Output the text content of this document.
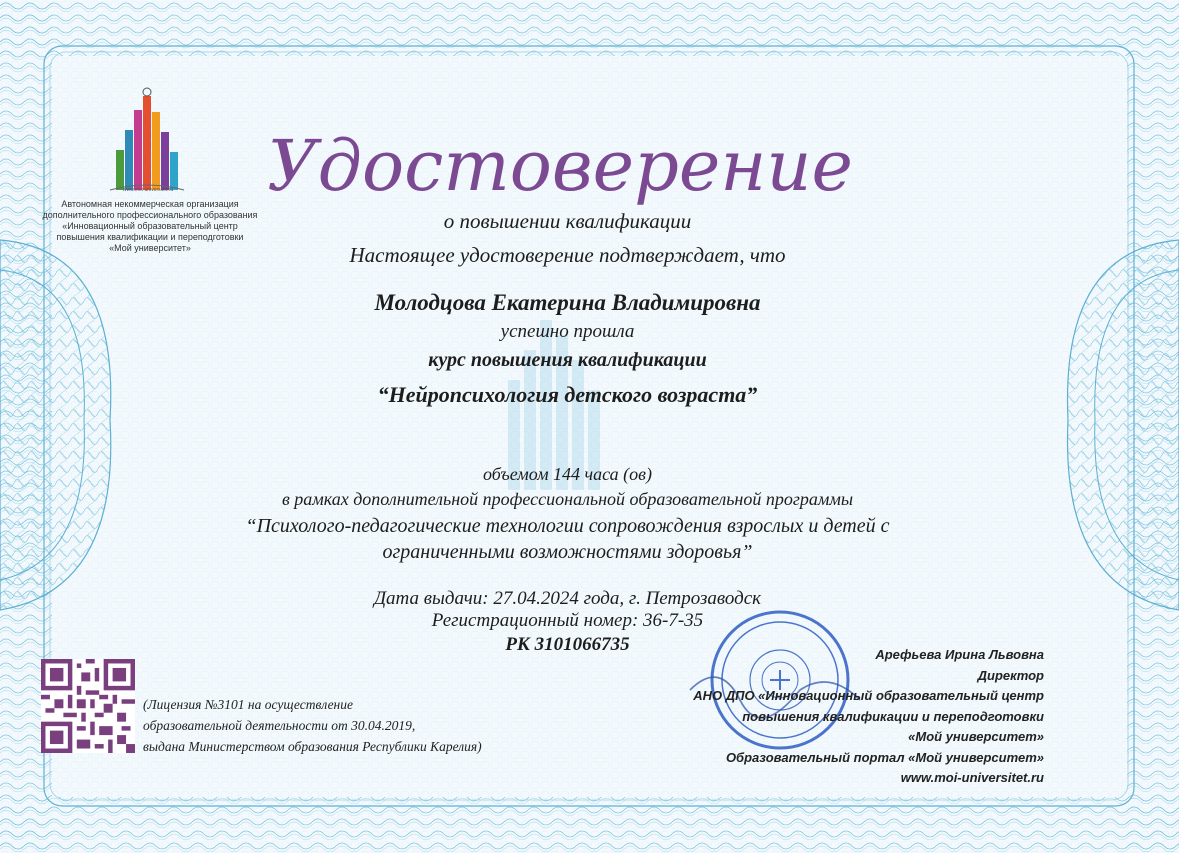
Удостоверение
Автономная некоммерческая организация
дополнительного профессионального образования
«Инновационный образовательный центр
повышения квалификации и переподготовки
«Мой университет»
www.moi-universitet.ru
о повышении квалификации
Настоящее удостоверение подтверждает, что
Молодцова Екатерина Владимировна
успешно прошла
курс повышения квалификации
“Нейропсихология детского возраста”
объемом 144 часа (ов)
в рамках дополнительной профессиональной образовательной программы
“Психолого-педагогические технологии сопровождения взрослых и детей с
ограниченными возможностями здоровья”
Дата выдачи: 27.04.2024 года, г. Петрозаводск
Регистрационный номер: 36-7-35
РК 3101066735
(Лицензия №3101 на осуществление
образовательной деятельности от 30.04.2019,
выдана Министерством образования Республики Карелия)
Арефьева Ирина Львовна
Директор
АНО ДПО «Инновационный образовательный центр
повышения квалификации и переподготовки
«Мой университет»
Образовательный портал «Мой университет»
www.moi-universitet.ru
